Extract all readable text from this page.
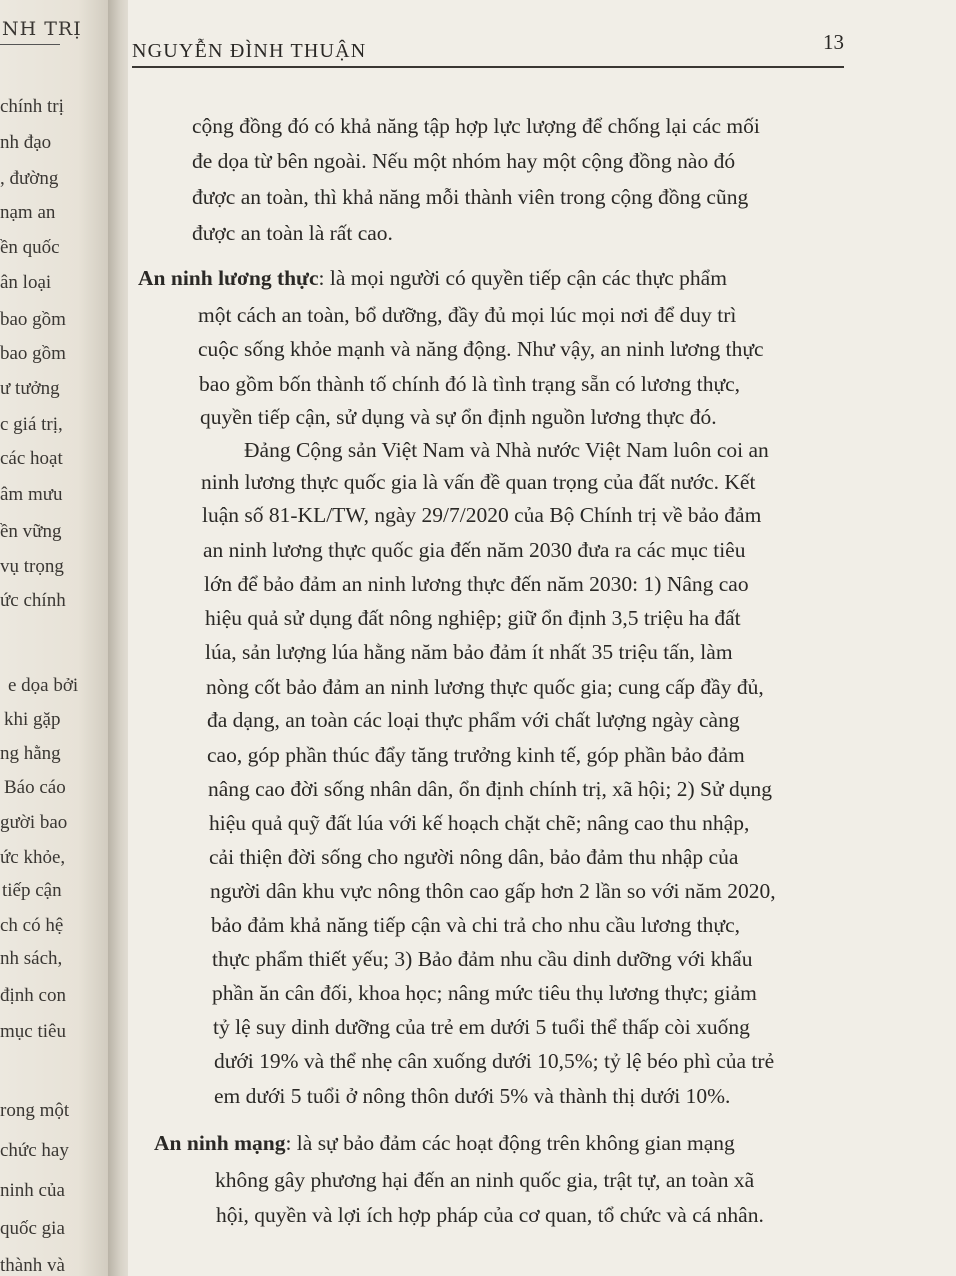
NH TRỊ
chính trị
nh đạo
, đường
nạm an
ền quốc
ân loại
bao gồm
bao gồm
ư tưởng
c giá trị,
các hoạt
âm mưu
ền vững
vụ trọng
ức chính
e dọa bởi
khi gặp
ng hằng
Báo cáo
gười bao
ức khỏe,
tiếp cận
ch có hệ
nh sách,
định con
mục tiêu
rong một
chức hay
ninh của
quốc gia
thành và
NGUYỄN ĐÌNH THUẬN	13
cộng đồng đó có khả năng tập hợp lực lượng để chống lại các mối
đe dọa từ bên ngoài. Nếu một nhóm hay một cộng đồng nào đó
được an toàn, thì khả năng mỗi thành viên trong cộng đồng cũng
được an toàn là rất cao.
An ninh lương thực: là mọi người có quyền tiếp cận các thực phẩm
một cách an toàn, bổ dưỡng, đầy đủ mọi lúc mọi nơi để duy trì
cuộc sống khỏe mạnh và năng động. Như vậy, an ninh lương thực
bao gồm bốn thành tố chính đó là tình trạng sẵn có lương thực,
quyền tiếp cận, sử dụng và sự ổn định nguồn lương thực đó.
Đảng Cộng sản Việt Nam và Nhà nước Việt Nam luôn coi an
ninh lương thực quốc gia là vấn đề quan trọng của đất nước. Kết
luận số 81-KL/TW, ngày 29/7/2020 của Bộ Chính trị về bảo đảm
an ninh lương thực quốc gia đến năm 2030 đưa ra các mục tiêu
lớn để bảo đảm an ninh lương thực đến năm 2030: 1) Nâng cao
hiệu quả sử dụng đất nông nghiệp; giữ ổn định 3,5 triệu ha đất
lúa, sản lượng lúa hằng năm bảo đảm ít nhất 35 triệu tấn, làm
nòng cốt bảo đảm an ninh lương thực quốc gia; cung cấp đầy đủ,
đa dạng, an toàn các loại thực phẩm với chất lượng ngày càng
cao, góp phần thúc đẩy tăng trưởng kinh tế, góp phần bảo đảm
nâng cao đời sống nhân dân, ổn định chính trị, xã hội; 2) Sử dụng
hiệu quả quỹ đất lúa với kế hoạch chặt chẽ; nâng cao thu nhập,
cải thiện đời sống cho người nông dân, bảo đảm thu nhập của
người dân khu vực nông thôn cao gấp hơn 2 lần so với năm 2020,
bảo đảm khả năng tiếp cận và chi trả cho nhu cầu lương thực,
thực phẩm thiết yếu; 3) Bảo đảm nhu cầu dinh dưỡng với khẩu
phần ăn cân đối, khoa học; nâng mức tiêu thụ lương thực; giảm
tỷ lệ suy dinh dưỡng của trẻ em dưới 5 tuổi thể thấp còi xuống
dưới 19% và thể nhẹ cân xuống dưới 10,5%; tỷ lệ béo phì của trẻ
em dưới 5 tuổi ở nông thôn dưới 5% và thành thị dưới 10%.
An ninh mạng: là sự bảo đảm các hoạt động trên không gian mạng
không gây phương hại đến an ninh quốc gia, trật tự, an toàn xã
hội, quyền và lợi ích hợp pháp của cơ quan, tổ chức và cá nhân.
